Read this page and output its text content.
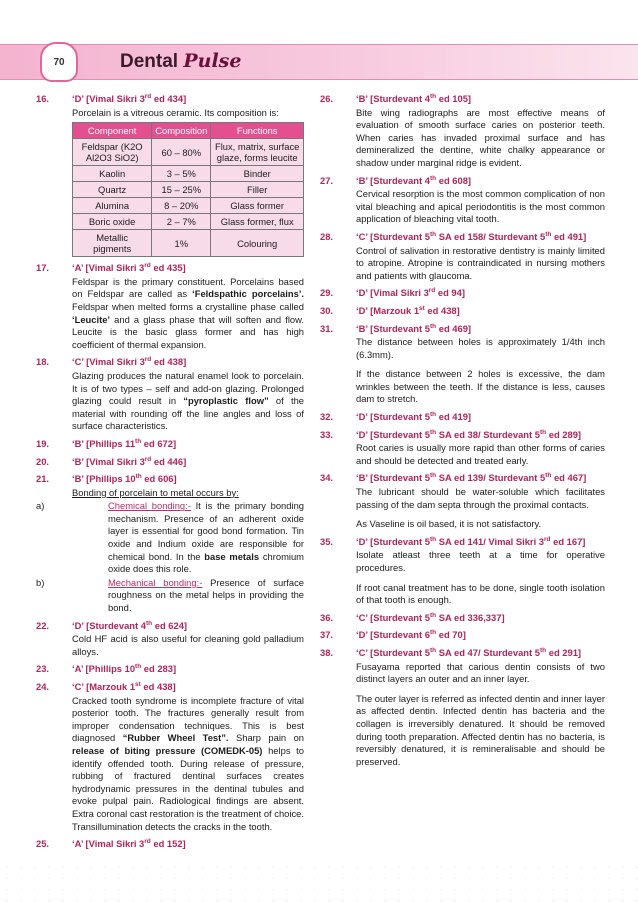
70	Dental Pulse
16.	‘D’ [Vimal Sikri 3rd ed 434]

Porcelain is a vitreous ceramic. Its composition is:

Component	Composition	Functions
Feldspar (K2O Al2O3 SiO2)	60 – 80%	Flux, matrix, surface glaze, forms leucite
Kaolin	3 – 5%	Binder
Quartz	15 – 25%	Filler
Alumina	8 – 20%	Glass former
Boric oxide	2 – 7%	Glass former, flux
Metallic pigments	1%	Colouring
17.	‘A’ [Vimal Sikri 3rd ed 435]

Feldspar is the primary constituent. Porcelains based on Feldspar are called as ‘Feldspathic porcelains’. Feldspar when melted forms a crystalline phase called ‘Leucite’ and a glass phase that will soften and flow. Leucite is the basic glass former and has high coefficient of thermal expansion.

18.	‘C’ [Vimal Sikri 3rd ed 438]

Glazing produces the natural enamel look to porcelain. It is of two types – self and add-on glazing. Prolonged glazing could result in “pyroplastic flow” of the material with rounding off the line angles and loss of surface characteristics.

19.	‘B’ [Phillips 11th ed 672]
20.	‘B’ [Vimal Sikri 3rd ed 446]
21.	‘B’ [Phillips 10th ed 606]

Bonding of porcelain to metal occurs by:

a)	Chemical bonding:- It is the primary bonding mechanism. Presence of an adherent oxide layer is essential for good bond formation. Tin oxide and Indium oxide are responsible for chemical bond. In the base metals chromium oxide does this role.
b)	Mechanical bonding:- Presence of surface roughness on the metal helps in providing the bond.
22.	‘D’ [Sturdevant 4th ed 624]

Cold HF acid is also useful for cleaning gold palladium alloys.

23.	‘A’ [Phillips 10th ed 283]
24.	‘C’ [Marzouk 1st ed 438]

Cracked tooth syndrome is incomplete fracture of vital posterior tooth. The fractures generally result from improper condensation techniques. This is best diagnosed “Rubber Wheel Test”. Sharp pain on release of biting pressure (COMEDK-05) helps to identify offended tooth. During release of pressure, rubbing of fractured dentinal surfaces creates hydrodynamic pressures in the dentinal tubules and evoke pulpal pain. Radiological findings are absent. Extra coronal cast restoration is the treatment of choice. Transillumination detects the cracks in the tooth.

25.	‘A’ [Vimal Sikri 3rd ed 152]
26.	‘B’ [Sturdevant 4th ed 105]

Bite wing radiographs are most effective means of evaluation of smooth surface caries on posterior teeth. When caries has invaded proximal surface and has demineralized the dentine, white chalky appearance or shadow under marginal ridge is evident.

27.	‘B’ [Sturdevant 4th ed 608]

Cervical resorption is the most common complication of non vital bleaching and apical periodontitis is the most common application of bleaching vital tooth.

28.	‘C’ [Sturdevant 5th SA ed 158/ Sturdevant 5th ed 491]

Control of salivation in restorative dentistry is mainly limited to atropine. Atropine is contraindicated in nursing mothers and patients with glaucoma.

29.	‘D’ [Vimal Sikri 3rd ed 94]
30.	‘D’ [Marzouk 1st ed 438]
31.	‘B’ [Sturdevant 5th ed 469]

The distance between holes is approximately 1/4th inch (6.3mm).

If the distance between 2 holes is excessive, the dam wrinkles between the teeth. If the distance is less, causes dam to stretch.

32.	‘D’ [Sturdevant 5th ed 419]
33.	‘D’ [Sturdevant 5th SA ed 38/ Sturdevant 5th ed 289]

Root caries is usually more rapid than other forms of caries and should be detected and treated early.

34.	‘B’ [Sturdevant 5th SA ed 139/ Sturdevant 5th ed 467]

The lubricant should be water-soluble which facilitates passing of the dam septa through the proximal contacts.

As Vaseline is oil based, it is not satisfactory.

35.	‘D’ [Sturdevant 5th SA ed 141/ Vimal Sikri 3rd ed 167]

Isolate atleast three teeth at a time for operative procedures.

If root canal treatment has to be done, single tooth isolation of that tooth is enough.

36.	‘C’ [Sturdevant 5th SA ed 336,337]
37.	‘D’ [Sturdevant 6th ed 70]
38.	‘C’ [Sturdevant 5th SA ed 47/ Sturdevant 5th ed 291]

Fusayama reported that carious dentin consists of two distinct layers an outer and an inner layer.

The outer layer is referred as infected dentin and inner layer as affected dentin. Infected dentin has bacteria and the collagen is irreversibly denatured. It should be removed during tooth preparation. Affected dentin has no bacteria, is reversibly denatured, it is remineralisable and should be preserved.
